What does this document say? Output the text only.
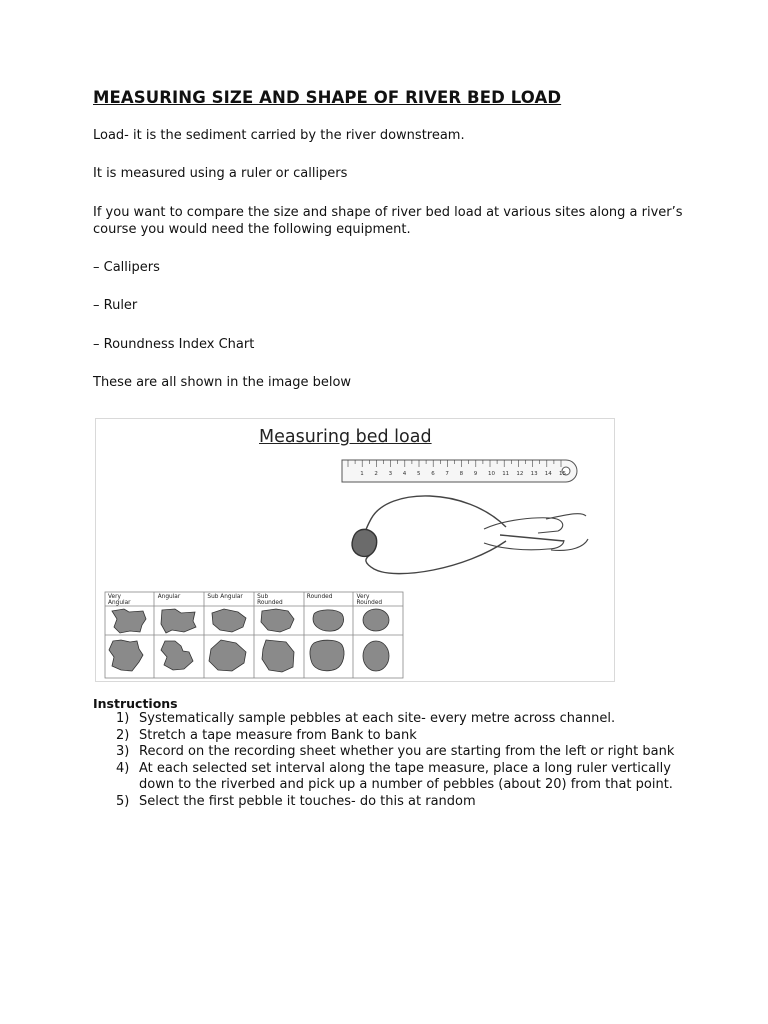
MEASURING SIZE AND SHAPE OF RIVER BED LOAD
Load- it is the sediment carried by the river downstream.
It is measured using a ruler or callipers
If you want to compare the size and shape of river bed load at various sites along a river’s course you would need the following equipment.
– Callipers
– Ruler
– Roundness Index Chart
These are all shown in the image below
Measuring bed load
1 2 3 4 5 6 7 8 9 10 11 12 13 14 15
Very Angular
Angular	Sub Angular Sub Rounded
Rounded	Very Rounded
Instructions
1) Systematically sample pebbles at each site- every metre across channel.
2) Stretch a tape measure from Bank to bank
3) Record on the recording sheet whether you are starting from the left or right bank
4) At each selected set interval along the tape measure, place a long ruler vertically down to the riverbed and pick up a number of pebbles (about 20) from that point.
5) Select the first pebble it touches- do this at random
